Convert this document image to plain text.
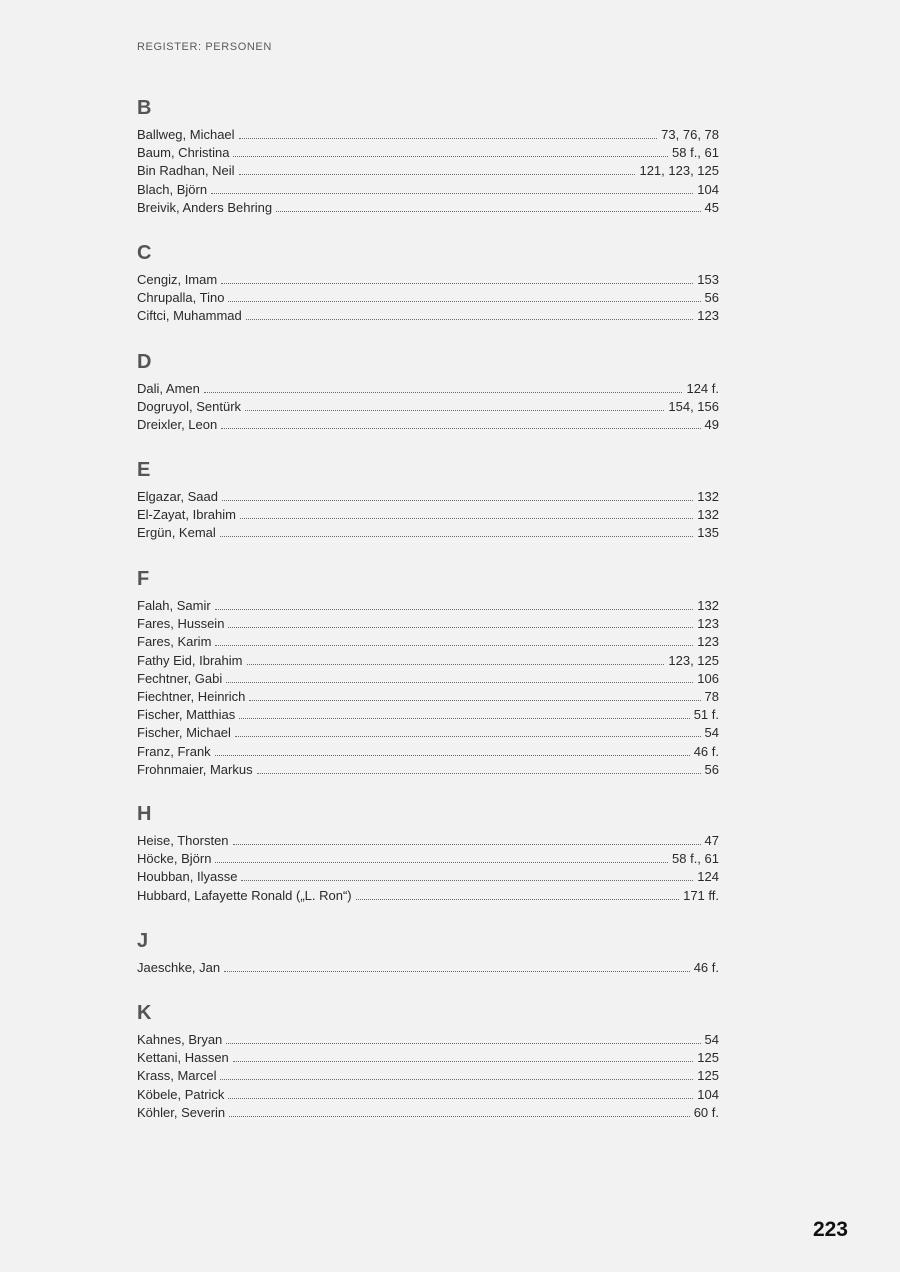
REGISTER: PERSONEN
B
Ballweg, Michael	73, 76, 78
Baum, Christina	58 f., 61
Bin Radhan, Neil	121, 123, 125
Blach, Björn	104
Breivik, Anders Behring	45
C
Cengiz, Imam	153
Chrupalla, Tino	56
Ciftci, Muhammad	123
D
Dali, Amen	124 f.
Dogruyol, Sentürk	154, 156
Dreixler, Leon	49
E
Elgazar, Saad	132
El-Zayat, Ibrahim	132
Ergün, Kemal	135
F
Falah, Samir	132
Fares, Hussein	123
Fares, Karim	123
Fathy Eid, Ibrahim	123, 125
Fechtner, Gabi	106
Fiechtner, Heinrich	78
Fischer, Matthias	51 f.
Fischer, Michael	54
Franz, Frank	46 f.
Frohnmaier, Markus	56
H
Heise, Thorsten	47
Höcke, Björn	58 f., 61
Houbban, Ilyasse	124
Hubbard, Lafayette Ronald („L. Ron“)	171 ff.
J
Jaeschke, Jan	46 f.
K
Kahnes, Bryan	54
Kettani, Hassen	125
Krass, Marcel	125
Köbele, Patrick	104
Köhler, Severin	60 f.
223
